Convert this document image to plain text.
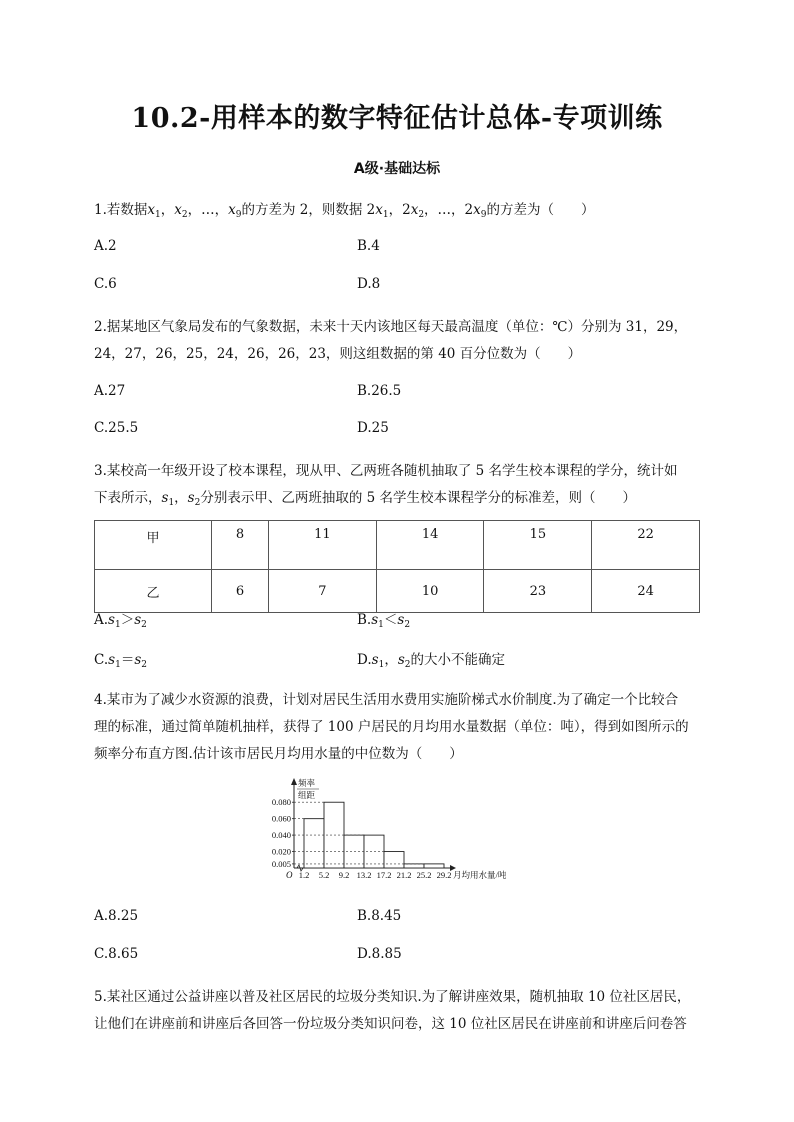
10.2-用样本的数字特征估计总体-专项训练
A级·基础达标
1.若数据$x_1$，$x_2$，…，$x_9$的方差为 2，则数据 $2x_1$，$2x_2$，…，$2x_9$的方差为（　　）
A.2	B.4
C.6	D.8
2.据某地区气象局发布的气象数据，未来十天内该地区每天最高温度（单位：℃）分别为 31，29，
24，27，26，25，24，26，26，23，则这组数据的第 40 百分位数为（　　）
A.27	B.26.5
C.25.5	D.25
3.某校高一年级开设了校本课程，现从甲、乙两班各随机抽取了 5 名学生校本课程的学分，统计如
下表所示，$s_1$，$s_2$分别表示甲、乙两班抽取的 5 名学生校本课程学分的标准差，则（　　）
甲	8	11	14	15	22
乙	6	7	10	23	24
$A.s_1>s_2$	$B.s_1<s_2$
$C.s_1=s_2$	$D.s_1$，$s_2$的大小不能确定
4.某市为了减少水资源的浪费，计划对居民生活用水费用实施阶梯式水价制度.为了确定一个比较合
理的标准，通过简单随机抽样，获得了 100 户居民的月均用水量数据（单位：吨），得到如图所示的
频率分布直方图.估计该市居民月均用水量的中位数为（　　）
0.005
0.020
0.040
0.060
0.080
1.2 5.2 9.2 13.2 17.2 21.2 25.2 29.2 月均用水量/吨
O
频率
组距
A.8.25	B.8.45
C.8.65	D.8.85
5.某社区通过公益讲座以普及社区居民的垃圾分类知识.为了解讲座效果，随机抽取 10 位社区居民，
让他们在讲座前和讲座后各回答一份垃圾分类知识问卷，这 10 位社区居民在讲座前和讲座后问卷答
